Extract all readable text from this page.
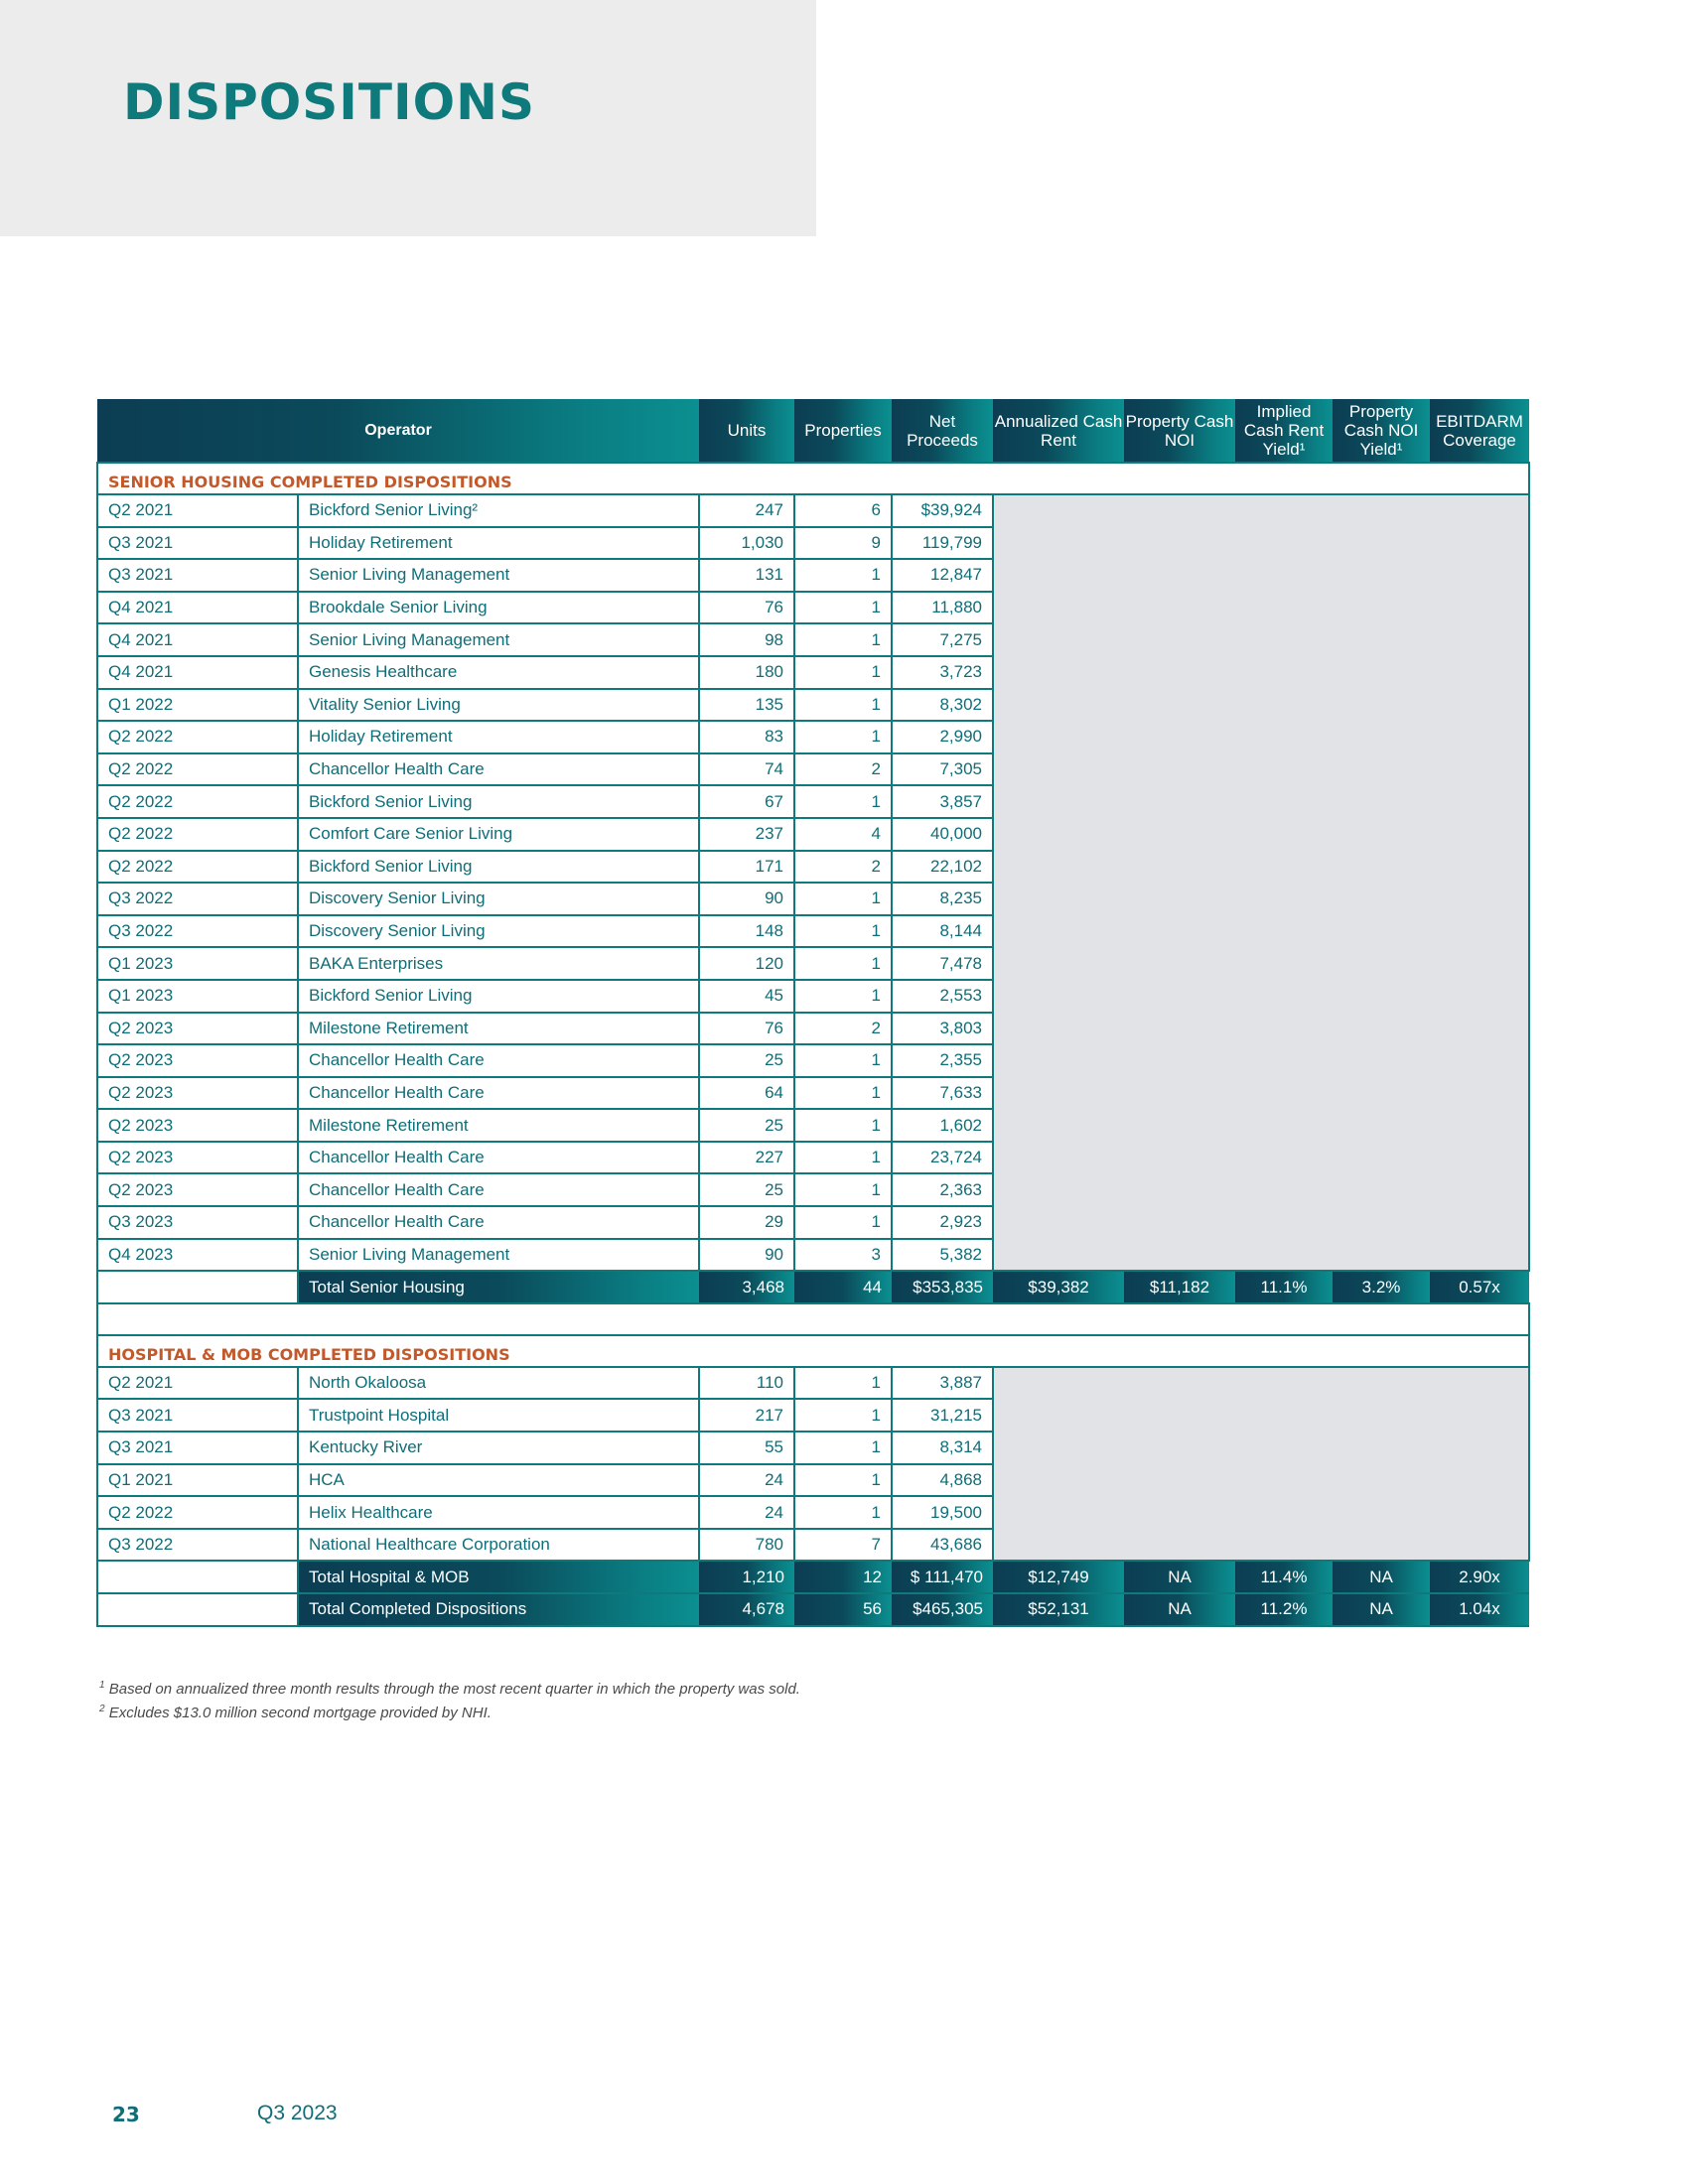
DISPOSITIONS
Operator		Units	Properties	Net Proceeds	Annualized Cash Rent	Property Cash NOI	Implied Cash Rent Yield¹	Property Cash NOI Yield¹	EBITDARM Coverage
SENIOR HOUSING COMPLETED DISPOSITIONS									
Q2 2021	Bickford Senior Living²	247	6	$39,924					
Q3 2021	Holiday Retirement	1,030	9	119,799					
Q3 2021	Senior Living Management	131	1	12,847					
Q4 2021	Brookdale Senior Living	76	1	11,880					
Q4 2021	Senior Living Management	98	1	7,275					
Q4 2021	Genesis Healthcare	180	1	3,723					
Q1 2022	Vitality Senior Living	135	1	8,302					
Q2 2022	Holiday Retirement	83	1	2,990					
Q2 2022	Chancellor Health Care	74	2	7,305					
Q2 2022	Bickford Senior Living	67	1	3,857					
Q2 2022	Comfort Care Senior Living	237	4	40,000					
Q2 2022	Bickford Senior Living	171	2	22,102					
Q3 2022	Discovery Senior Living	90	1	8,235					
Q3 2022	Discovery Senior Living	148	1	8,144					
Q1 2023	BAKA Enterprises	120	1	7,478					
Q1 2023	Bickford Senior Living	45	1	2,553					
Q2 2023	Milestone Retirement	76	2	3,803					
Q2 2023	Chancellor Health Care	25	1	2,355					
Q2 2023	Chancellor Health Care	64	1	7,633					
Q2 2023	Milestone Retirement	25	1	1,602					
Q2 2023	Chancellor Health Care	227	1	23,724					
Q2 2023	Chancellor Health Care	25	1	2,363					
Q3 2023	Chancellor Health Care	29	1	2,923					
Q4 2023	Senior Living Management	90	3	5,382					
	Total Senior Housing	3,468	44	$353,835	$39,382	$11,182	11.1%	3.2%	0.57x

HOSPITAL & MOB COMPLETED DISPOSITIONS									
Q2 2021	North Okaloosa	110	1	3,887					
Q3 2021	Trustpoint Hospital	217	1	31,215					
Q3 2021	Kentucky River	55	1	8,314					
Q1 2021	HCA	24	1	4,868					
Q2 2022	Helix Healthcare	24	1	19,500					
Q3 2022	National Healthcare Corporation	780	7	43,686					
	Total Hospital & MOB	1,210	12	$ 111,470	$12,749	NA	11.4%	NA	2.90x
	Total Completed Dispositions	4,678	56	$465,305	$52,131	NA	11.2%	NA	1.04x

$^1$ Based on annualized three month results through the most recent quarter in which the property was sold.

$^2$ Excludes $13.0 million second mortgage provided by NHI.

23	Q3 2023
